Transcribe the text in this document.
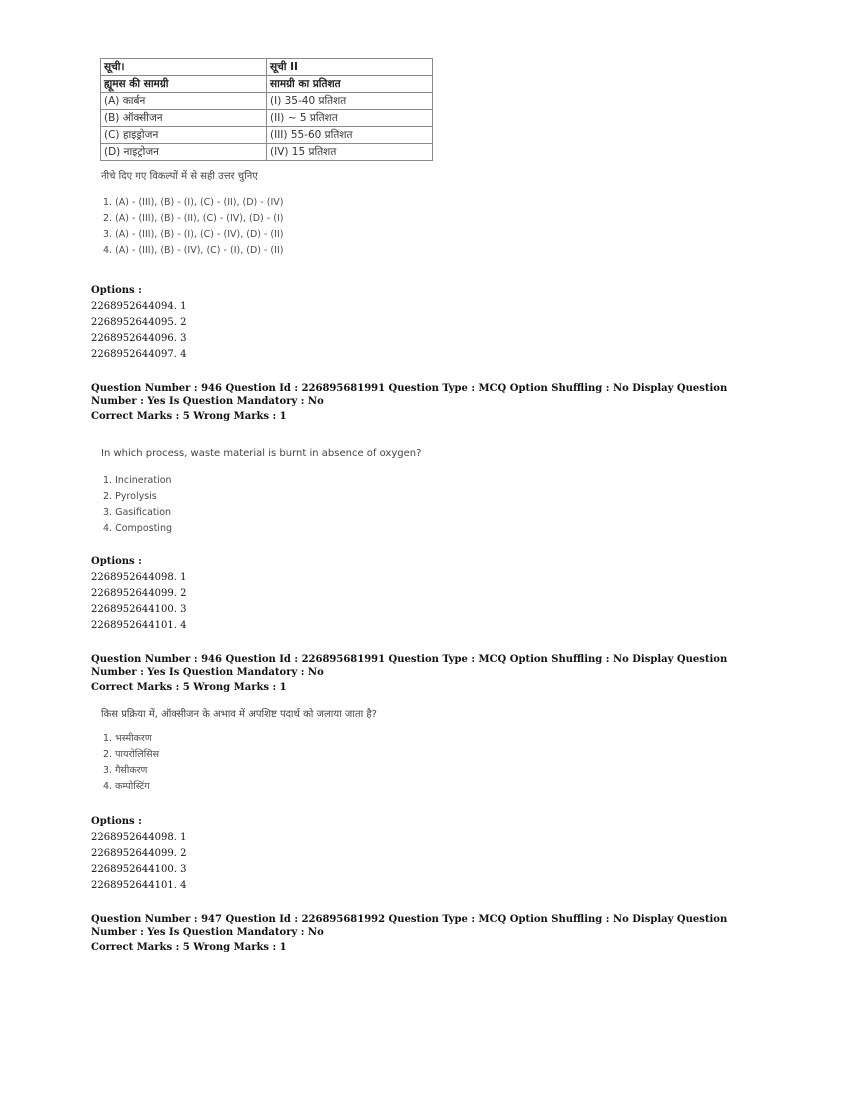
सूची।	सूची II
ह्यूमस की सामग्री	सामग्री का प्रतिशत
(A) कार्बन	(I) 35-40 प्रतिशत
(B) ऑक्सीजन	(II) ~ 5 प्रतिशत
(C) हाइड्रोजन	(III) 55-60 प्रतिशत
(D) नाइट्रोजन	(IV) 15 प्रतिशत
नीचे दिए गए विकल्पों में से सही उत्तर चुनिए
1. (A) - (III), (B) - (I), (C) - (II), (D) - (IV)
2. (A) - (III), (B) - (II), (C) - (IV), (D) - (I)
3. (A) - (III), (B) - (I), (C) - (IV), (D) - (II)
4. (A) - (III), (B) - (IV), (C) - (I), (D) - (II)
Options :
2268952644094. 1
2268952644095. 2
2268952644096. 3
2268952644097. 4
Question Number : 946 Question Id : 226895681991 Question Type : MCQ Option Shuffling : No Display Question Number : Yes Is Question Mandatory : No
Correct Marks : 5 Wrong Marks : 1
In which process, waste material is burnt in absence of oxygen?
1. Incineration
2. Pyrolysis
3. Gasification
4. Composting
Options :
2268952644098. 1
2268952644099. 2
2268952644100. 3
2268952644101. 4
Question Number : 946 Question Id : 226895681991 Question Type : MCQ Option Shuffling : No Display Question Number : Yes Is Question Mandatory : No
Correct Marks : 5 Wrong Marks : 1
किस प्रक्रिया में, ऑक्सीजन के अभाव में अपशिष्ट पदार्थ को जलाया जाता है?
1. भस्मीकरण
2. पायरोलिसिस
3. गैसीकरण
4. कम्पोस्टिंग
Options :
2268952644098. 1
2268952644099. 2
2268952644100. 3
2268952644101. 4
Question Number : 947 Question Id : 226895681992 Question Type : MCQ Option Shuffling : No Display Question Number : Yes Is Question Mandatory : No
Correct Marks : 5 Wrong Marks : 1
